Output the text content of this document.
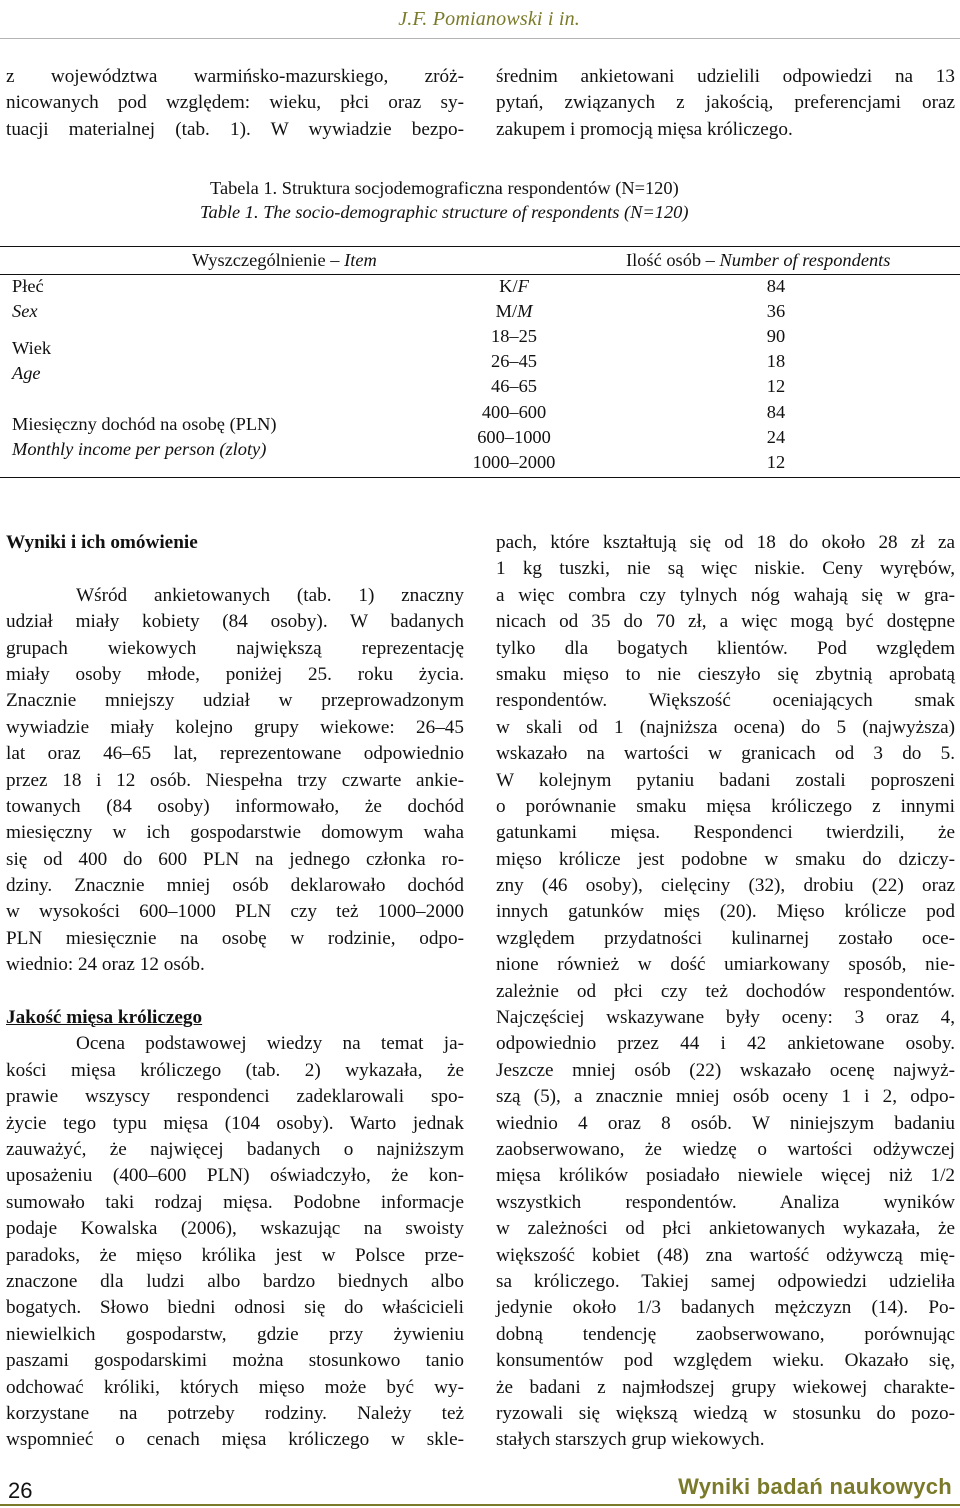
J.F. Pomianowski i in.
z województwa warmińsko-mazurskiego, zróż-
nicowanych pod względem: wieku, płci oraz sy-
tuacji materialnej (tab. 1). W wywiadzie bezpo-
średnim ankietowani udzielili odpowiedzi na 13
pytań, związanych z jakością, preferencjami oraz
zakupem i promocją mięsa króliczego.
Tabela 1. Struktura socjodemograficzna respondentów (N=120)
Table 1. The socio-demographic structure of respondents (N=120)
Wyszczególnienie – Item	Ilość osób – Number of respondents
Płeć
Sex
K/F
M/M
84
36
Wiek
Age
18–25
26–45
46–65
90
18
12
Miesięczny dochód na osobę (PLN)
Monthly income per person (zloty)
400–600
600–1000
1000–2000
84
24
12
Wyniki i ich omówienie
Wśród ankietowanych (tab. 1) znaczny
udział miały kobiety (84 osoby). W badanych
grupach wiekowych największą reprezentację
miały osoby młode, poniżej 25. roku życia.
Znacznie mniejszy udział w przeprowadzonym
wywiadzie miały kolejno grupy wiekowe: 26–45
lat oraz 46–65 lat, reprezentowane odpowiednio
przez 18 i 12 osób. Niespełna trzy czwarte ankie-
towanych (84 osoby) informowało, że dochód
miesięczny w ich gospodarstwie domowym waha
się od 400 do 600 PLN na jednego członka ro-
dziny. Znacznie mniej osób deklarowało dochód
w wysokości 600–1000 PLN czy też 1000–2000
PLN miesięcznie na osobę w rodzinie, odpo-
wiednio: 24 oraz 12 osób.
Jakość mięsa króliczego
Ocena podstawowej wiedzy na temat ja-
kości mięsa króliczego (tab. 2) wykazała, że
prawie wszyscy respondenci zadeklarowali spo-
życie tego typu mięsa (104 osoby). Warto jednak
zauważyć, że najwięcej badanych o najniższym
uposażeniu (400–600 PLN) oświadczyło, że kon-
sumowało taki rodzaj mięsa. Podobne informacje
podaje Kowalska (2006), wskazując na swoisty
paradoks, że mięso królika jest w Polsce prze-
znaczone dla ludzi albo bardzo biednych albo
bogatych. Słowo biedni odnosi się do właścicieli
niewielkich gospodarstw, gdzie przy żywieniu
paszami gospodarskimi można stosunkowo tanio
odchować króliki, których mięso może być wy-
korzystane na potrzeby rodziny. Należy też
wspomnieć o cenach mięsa króliczego w skle-
pach, które kształtują się od 18 do około 28 zł za
1 kg tuszki, nie są więc niskie. Ceny wyrębów,
a więc combra czy tylnych nóg wahają się w gra-
nicach od 35 do 70 zł, a więc mogą być dostępne
tylko dla bogatych klientów. Pod względem
smaku mięso to nie cieszyło się zbytnią aprobatą
respondentów. Większość oceniających smak
w skali od 1 (najniższa ocena) do 5 (najwyższa)
wskazało na wartości w granicach od 3 do 5.
W kolejnym pytaniu badani zostali poproszeni
o porównanie smaku mięsa króliczego z innymi
gatunkami mięsa. Respondenci twierdzili, że
mięso królicze jest podobne w smaku do dziczy-
zny (46 osoby), cielęciny (32), drobiu (22) oraz
innych gatunków mięs (20). Mięso królicze pod
względem przydatności kulinarnej zostało oce-
nione również w dość umiarkowany sposób, nie-
zależnie od płci czy też dochodów respondentów.
Najczęściej wskazywane były oceny: 3 oraz 4,
odpowiednio przez 44 i 42 ankietowane osoby.
Jeszcze mniej osób (22) wskazało ocenę najwyż-
szą (5), a znacznie mniej osób oceny 1 i 2, odpo-
wiednio 4 oraz 8 osób. W niniejszym badaniu
zaobserwowano, że wiedzę o wartości odżywczej
mięsa królików posiadało niewiele więcej niż 1/2
wszystkich respondentów. Analiza wyników
w zależności od płci ankietowanych wykazała, że
większość kobiet (48) zna wartość odżywczą mię-
sa króliczego. Takiej samej odpowiedzi udzieliła
jedynie około 1/3 badanych mężczyzn (14). Po-
dobną tendencję zaobserwowano, porównując
konsumentów pod względem wieku. Okazało się,
że badani z najmłodszej grupy wiekowej charakte-
ryzowali się większą wiedzą w stosunku do pozo-
stałych starszych grup wiekowych.
26	Wyniki badań naukowych
